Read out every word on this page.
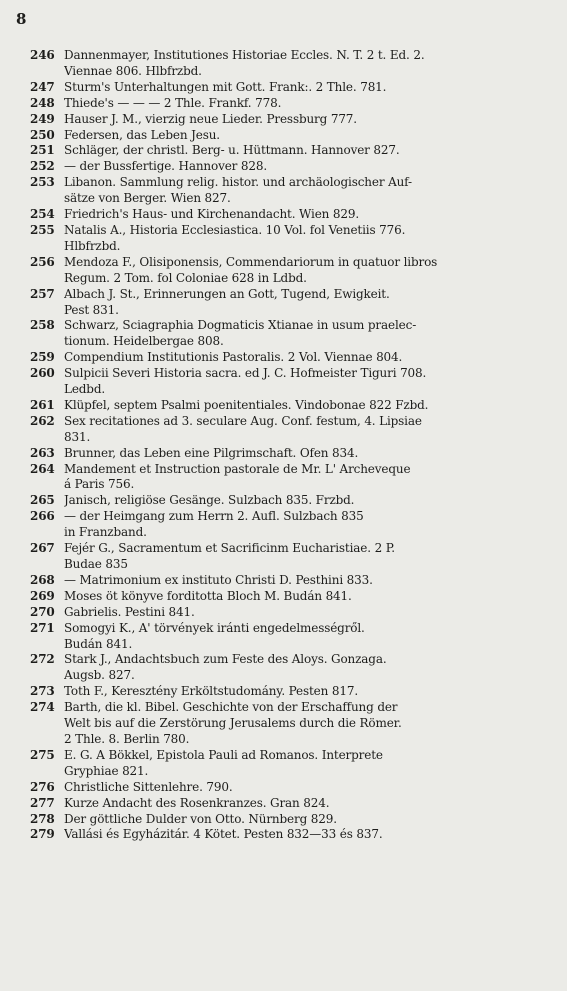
8
246 Dannenmayer, Institutiones Historiae Eccles. N. T. 2 t. Ed. 2.
Viennae 806. Hlbfrzbd.
247 Sturm's Unterhaltungen mit Gott. Frank:. 2 Thle. 781.
248 Thiede's — — — 2 Thle. Frankf. 778.
249 Hauser J. M., vierzig neue Lieder. Pressburg 777.
250 Federsen, das Leben Jesu.
251 Schläger, der christl. Berg- u. Hüttmann. Hannover 827.
252 — der Bussfertige. Hannover 828.
253 Libanon. Sammlung relig. histor. und archäologischer Auf-
sätze von Berger. Wien 827.
254 Friedrich's Haus- und Kirchenandacht. Wien 829.
255 Natalis A., Historia Ecclesiastica. 10 Vol. fol Venetiis 776.
Hlbfrzbd.
256 Mendoza F., Olisiponensis, Commendariorum in quatuor libros
Regum. 2 Tom. fol Coloniae 628 in Ldbd.
257 Albach J. St., Erinnerungen an Gott, Tugend, Ewigkeit.
Pest 831.
258 Schwarz, Sciagraphia Dogmaticis Xtianae in usum praelec-
tionum. Heidelbergae 808.
259 Compendium Institutionis Pastoralis. 2 Vol. Viennae 804.
260 Sulpicii Severi Historia sacra. ed J. C. Hofmeister Tiguri 708.
Ledbd.
261 Klüpfel, septem Psalmi poenitentiales. Vindobonae 822 Fzbd.
262 Sex recitationes ad 3. seculare Aug. Conf. festum, 4. Lipsiae
831.
263 Brunner, das Leben eine Pilgrimschaft. Ofen 834.
264 Mandement et Instruction pastorale de Mr. L' Archeveque
á Paris 756.
265 Janisch, religiöse Gesänge. Sulzbach 835. Frzbd.
266 — der Heimgang zum Herrn 2. Aufl. Sulzbach 835
in Franzband.
267 Fejér G., Sacramentum et Sacrificinm Eucharistiae. 2 P.
Budae 835
268 — Matrimonium ex instituto Christi D. Pesthini 833.
269 Moses öt könyve forditotta Bloch M. Budán 841.
270 Gabrielis. Pestini 841.
271 Somogyi K., A' törvények iránti engedelmességről.
Budán 841.
272 Stark J., Andachtsbuch zum Feste des Aloys. Gonzaga.
Augsb. 827.
273 Toth F., Keresztény Erköltstudomány. Pesten 817.
274 Barth, die kl. Bibel. Geschichte von der Erschaffung der
Welt bis auf die Zerstörung Jerusalems durch die Römer.
2 Thle. 8. Berlin 780.
275 E. G. A Bökkel, Epistola Pauli ad Romanos. Interprete
Gryphiae 821.
276 Christliche Sittenlehre. 790.
277 Kurze Andacht des Rosenkranzes. Gran 824.
278 Der göttliche Dulder von Otto. Nürnberg 829.
279 Vallási és Egyházitár. 4 Kötet. Pesten 832—33 és 837.
